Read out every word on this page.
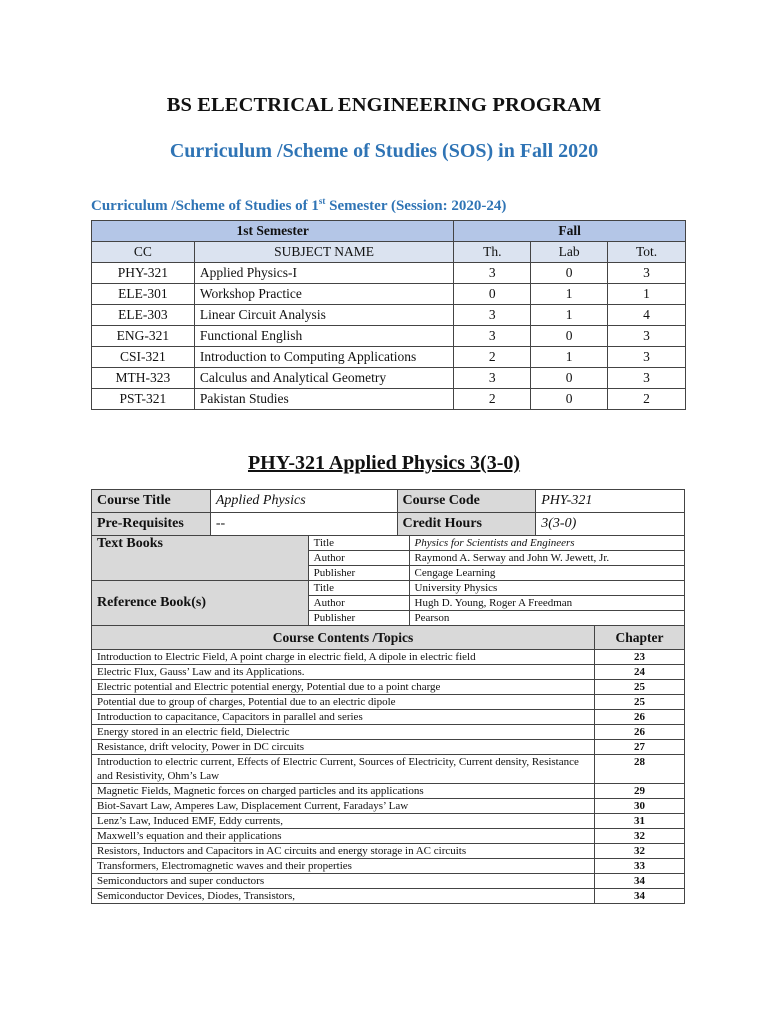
BS ELECTRICAL ENGINEERING PROGRAM
Curriculum /Scheme of Studies (SOS) in Fall 2020
Curriculum /Scheme of Studies of 1st Semester (Session: 2020-24)
1st Semester		Fall		
CC	SUBJECT NAME	Th.	Lab	Tot.
PHY-321	Applied Physics-I	3	0	3
ELE-301	Workshop Practice	0	1	1
ELE-303	Linear Circuit Analysis	3	1	4
ENG-321	Functional English	3	0	3
CSI-321	Introduction to Computing Applications	2	1	3
MTH-323	Calculus and Analytical Geometry	3	0	3
PST-321	Pakistan Studies	2	0	2
PHY-321 Applied Physics 3(3-0)
Course Title	Applied Physics		Course Code		PHY-321	
Pre-Requisites	--		Credit Hours		3(3-0)	
Text Books		Title		Physics for Scientists and Engineers		
		Author		Raymond A. Serway and John W. Jewett, Jr.		
		Publisher		Cengage Learning		
Reference Book(s)		Title		University Physics		
		Author		Hugh D. Young, Roger A Freedman		
		Publisher		Pearson		
Course Contents /Topics						Chapter
Introduction to Electric Field, A point charge in electric field, A dipole in electric field						23
Electric Flux, Gauss’ Law and its Applications.						24
Electric potential and Electric potential energy, Potential due to a point charge						25
Potential due to group of charges, Potential due to an electric dipole						25
Introduction to capacitance, Capacitors in parallel and series						26
Energy stored in an electric field, Dielectric						26
Resistance, drift velocity, Power in DC circuits						27
Introduction to electric current, Effects of Electric Current, Sources of Electricity, Current density, Resistance and Resistivity, Ohm’s Law						28
Magnetic Fields, Magnetic forces on charged particles and its applications						29
Biot-Savart Law, Amperes Law, Displacement Current, Faradays’ Law						30
Lenz’s Law, Induced EMF, Eddy currents,						31
Maxwell’s equation and their applications						32
Resistors, Inductors and Capacitors in AC circuits and energy storage in AC circuits						32
Transformers, Electromagnetic waves and their properties						33
Semiconductors and super conductors						34
Semiconductor Devices, Diodes, Transistors,						34
